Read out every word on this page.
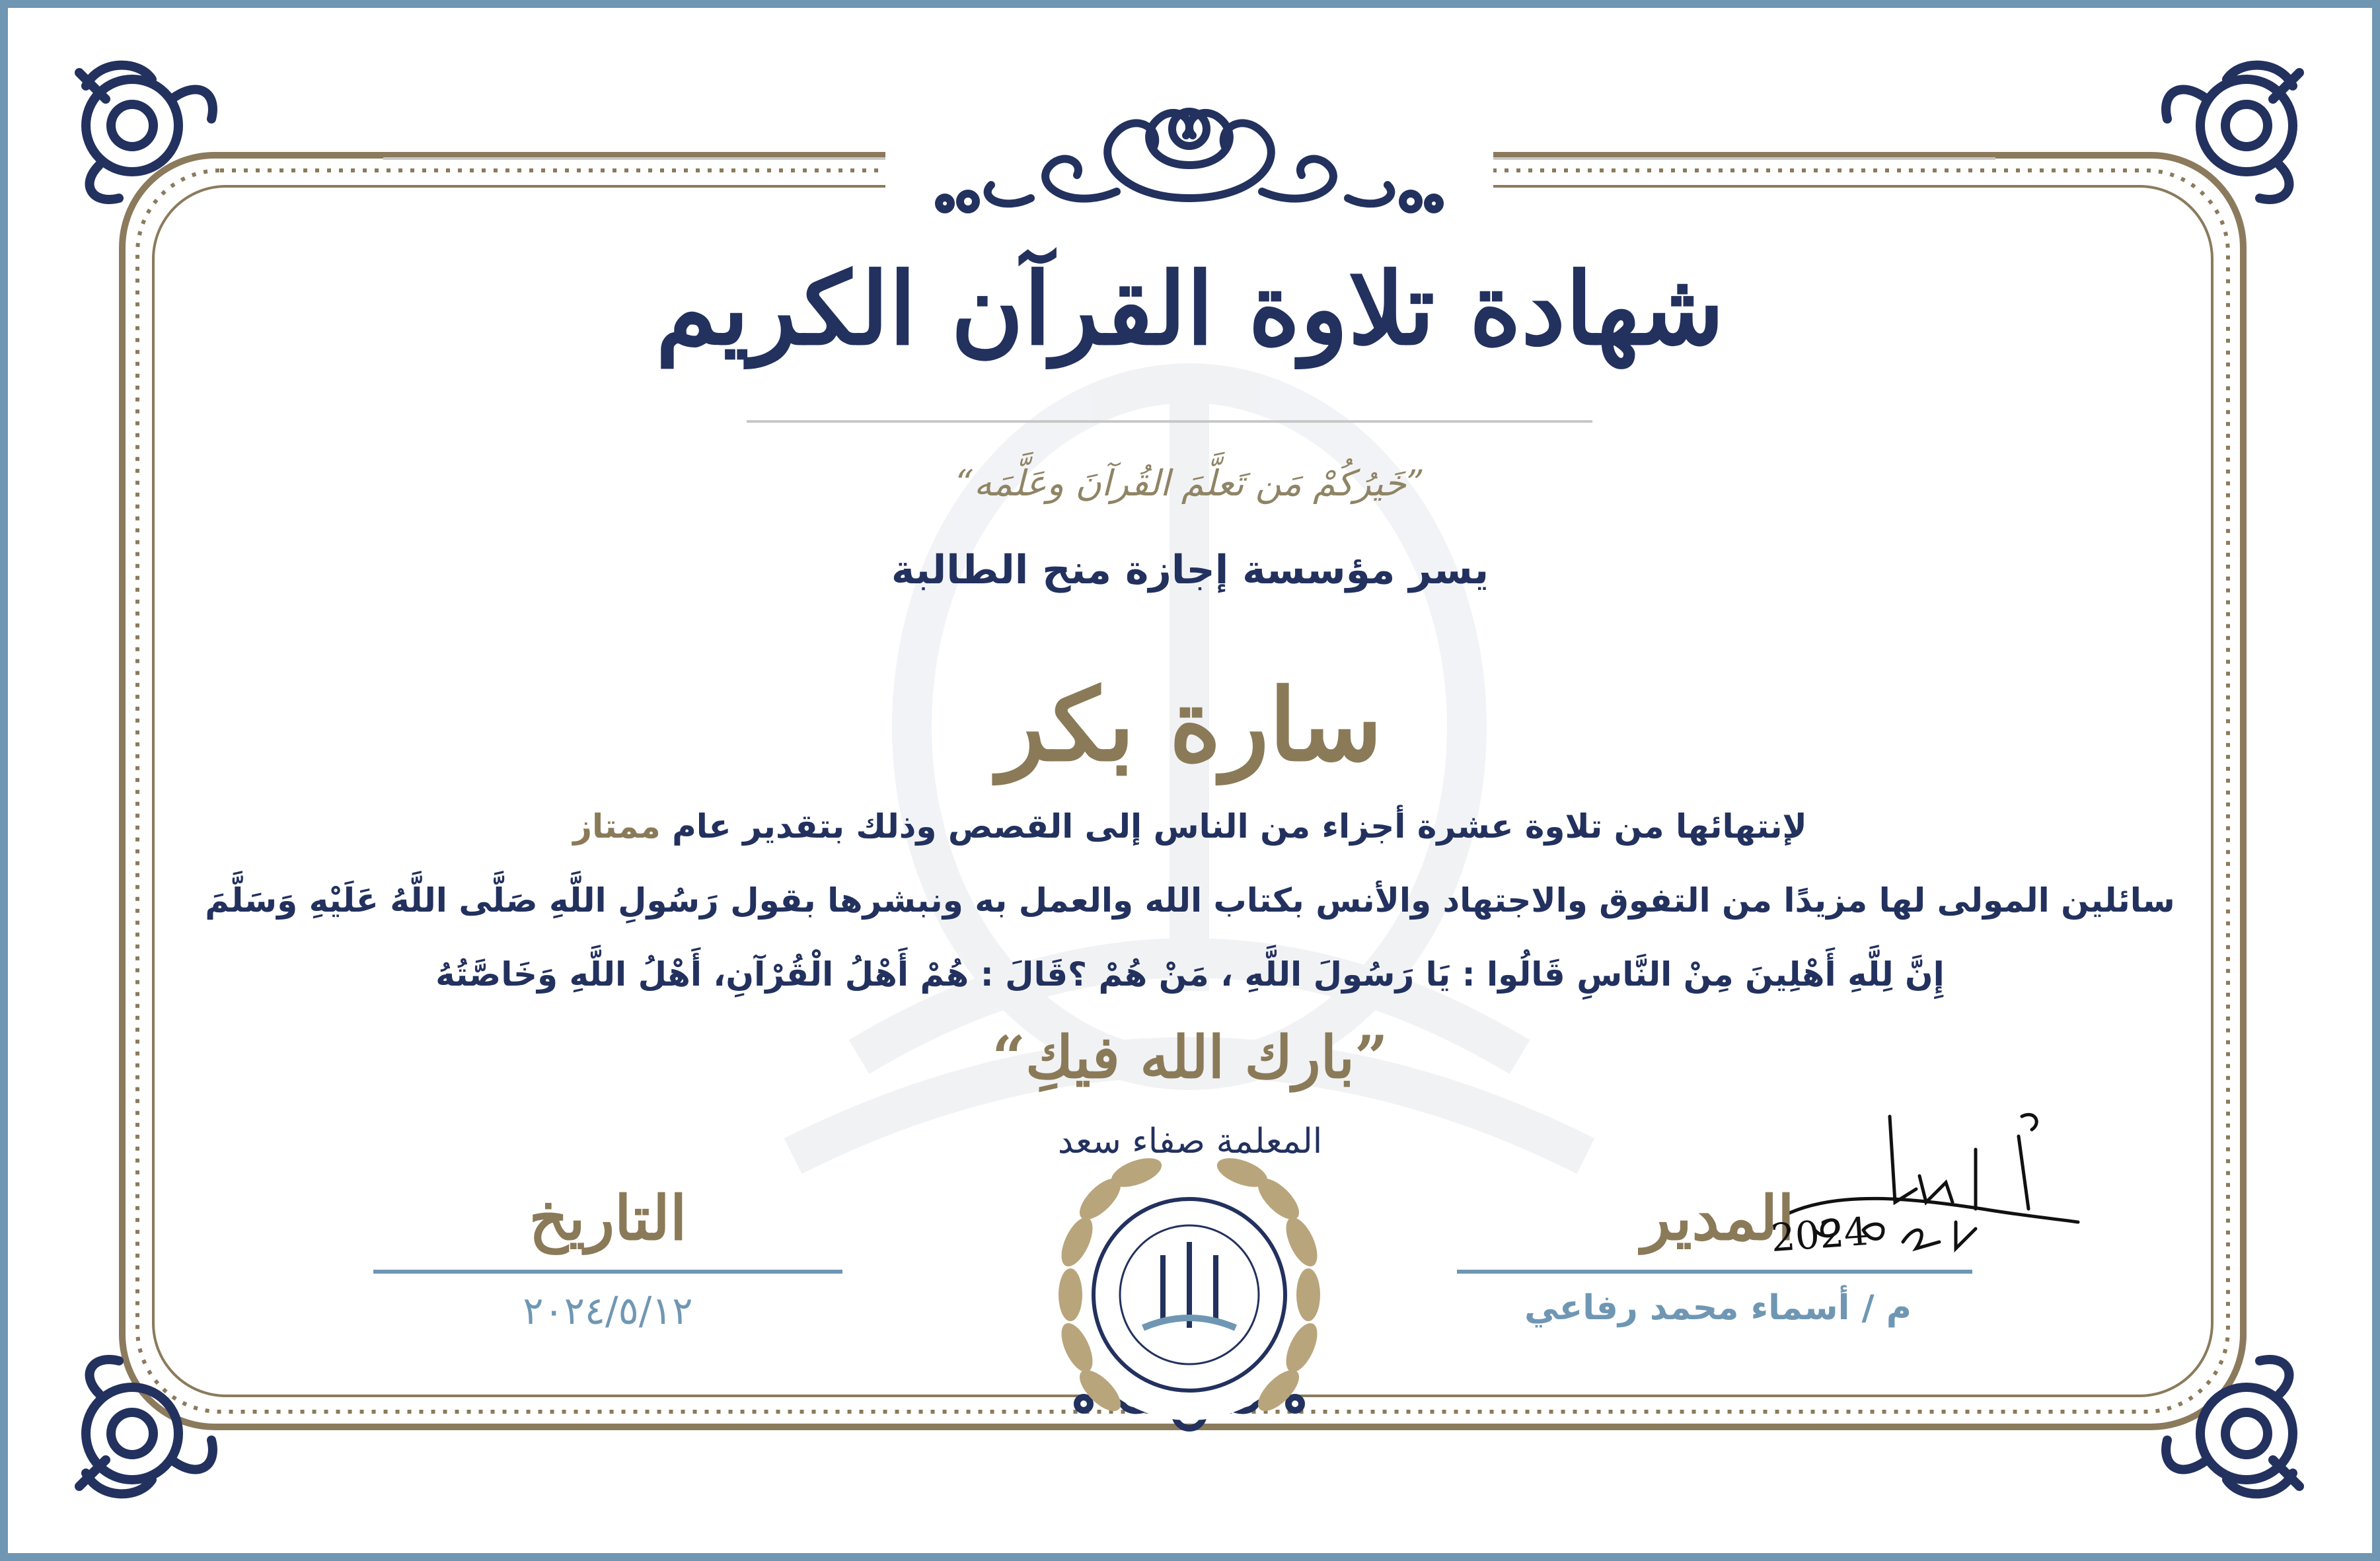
شهادة تلاوة القرآن الكريم
”خَيرُكُمْ مَن تَعلَّمَ القُرآنَ وعَلَّمَه“
يسر مؤسسة إجازة منح الطالبة
سارة بكر
لإنتهائها من تلاوة عشرة أجزاء من الناس إلى القصص وذلك بتقدير عام ممتاز
سائلين المولى لها مزيدًا من التفوق والاجتهاد والأنس بكتاب الله والعمل به ونبشرها بقول رَسُولِ اللَّهِ صَلَّى اللَّهُ عَلَيْهِ وَسَلَّمَ
إِنَّ لِلَّهِ أَهْلِينَ مِنْ النَّاسِ قَالُوا : يَا رَسُولَ اللَّهِ ، مَنْ هُمْ ؟قَالَ : هُمْ أَهْلُ الْقُرْآنِ، أَهْلُ اللَّهِ وَخَاصَّتُهُ
”بارك الله فيكِ“
المعلمة صفاء سعد
التاريخ
٢٠٢٤/٥/١٢
المدير
2024
م / أسماء محمد رفاعي
